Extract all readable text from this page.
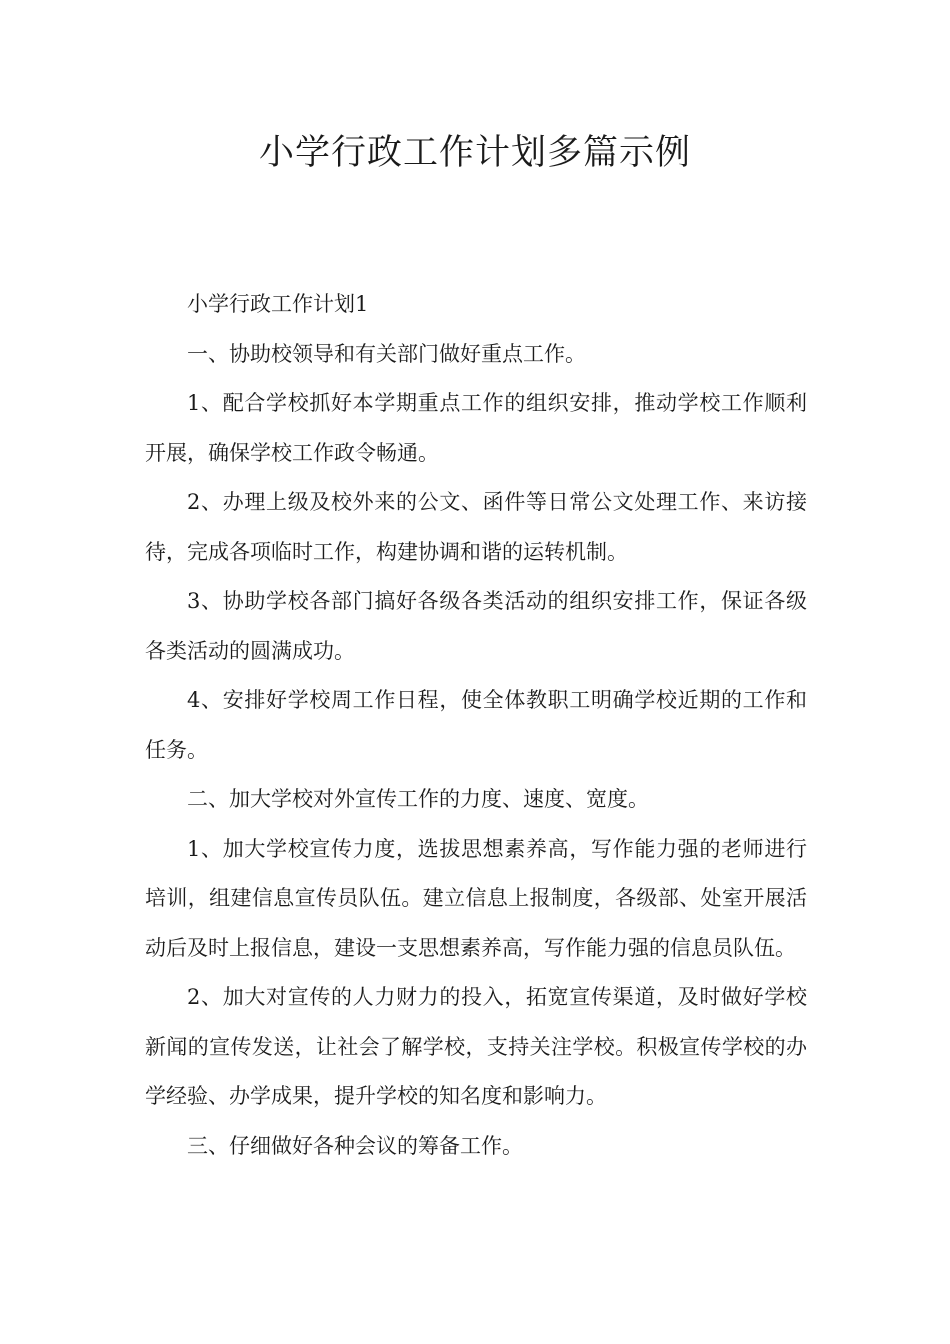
小学行政工作计划多篇示例

小学行政工作计划1

一、协助校领导和有关部门做好重点工作。

1、配合学校抓好本学期重点工作的组织安排，推动学校工作顺利开展，确保学校工作政令畅通。

2、办理上级及校外来的公文、函件等日常公文处理工作、来访接待，完成各项临时工作，构建协调和谐的运转机制。

3、协助学校各部门搞好各级各类活动的组织安排工作，保证各级各类活动的圆满成功。

4、安排好学校周工作日程，使全体教职工明确学校近期的工作和任务。

二、加大学校对外宣传工作的力度、速度、宽度。

1、加大学校宣传力度，选拔思想素养高，写作能力强的老师进行培训，组建信息宣传员队伍。建立信息上报制度，各级部、处室开展活动后及时上报信息，建设一支思想素养高，写作能力强的信息员队伍。

2、加大对宣传的人力财力的投入，拓宽宣传渠道，及时做好学校新闻的宣传发送，让社会了解学校，支持关注学校。积极宣传学校的办学经验、办学成果，提升学校的知名度和影响力。

三、仔细做好各种会议的筹备工作。
